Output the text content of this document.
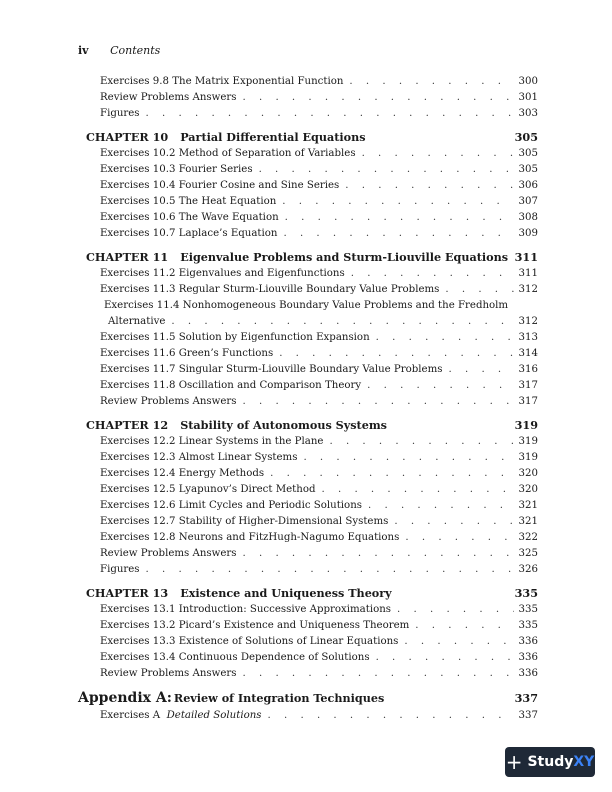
iv Contents
Exercises 9.8 The Matrix Exponential Function . . .	300
Review Problems Answers . . .	301
Figures . . .	303
CHAPTER 10 Partial Differential Equations	305
Exercises 10.2 Method of Separation of Variables . . .	305
Exercises 10.3 Fourier Series . . .	305
Exercises 10.4 Fourier Cosine and Sine Series . . .	306
Exercises 10.5 The Heat Equation . . .	307
Exercises 10.6 The Wave Equation . . .	308
Exercises 10.7 Laplace’s Equation . . .	309
CHAPTER 11 Eigenvalue Problems and Sturm-Liouville Equations 311
Exercises 11.2 Eigenvalues and Eigenfunctions . . .	311
Exercises 11.3 Regular Sturm-Liouville Boundary Value Problems . . .	312
Exercises 11.4 Nonhomogeneous Boundary Value Problems and the Fredholm
Alternative . . .	312
Exercises 11.5 Solution by Eigenfunction Expansion . . .	313
Exercises 11.6 Green’s Functions . . .	314
Exercises 11.7 Singular Sturm-Liouville Boundary Value Problems . . .	316
Exercises 11.8 Oscillation and Comparison Theory . . .	317
Review Problems Answers . . .	317
CHAPTER 12 Stability of Autonomous Systems	319
Exercises 12.2 Linear Systems in the Plane . . .	319
Exercises 12.3 Almost Linear Systems . . .	319
Exercises 12.4 Energy Methods . . .	320
Exercises 12.5 Lyapunov’s Direct Method . . .	320
Exercises 12.6 Limit Cycles and Periodic Solutions . . .	321
Exercises 12.7 Stability of Higher-Dimensional Systems . . .	321
Exercises 12.8 Neurons and FitzHugh-Nagumo Equations . . .	322
Review Problems Answers . . .	325
Figures . . .	326
CHAPTER 13 Existence and Uniqueness Theory	335
Exercises 13.1 Introduction: Successive Approximations . . .	335
Exercises 13.2 Picard’s Existence and Uniqueness Theorem . . .	335
Exercises 13.3 Existence of Solutions of Linear Equations . . .	336
Exercises 13.4 Continuous Dependence of Solutions . . .	336
Review Problems Answers . . .	336
Appendix A: Review of Integration Techniques	337
Exercises A Detailed Solutions . . .	337
+ Study XY
